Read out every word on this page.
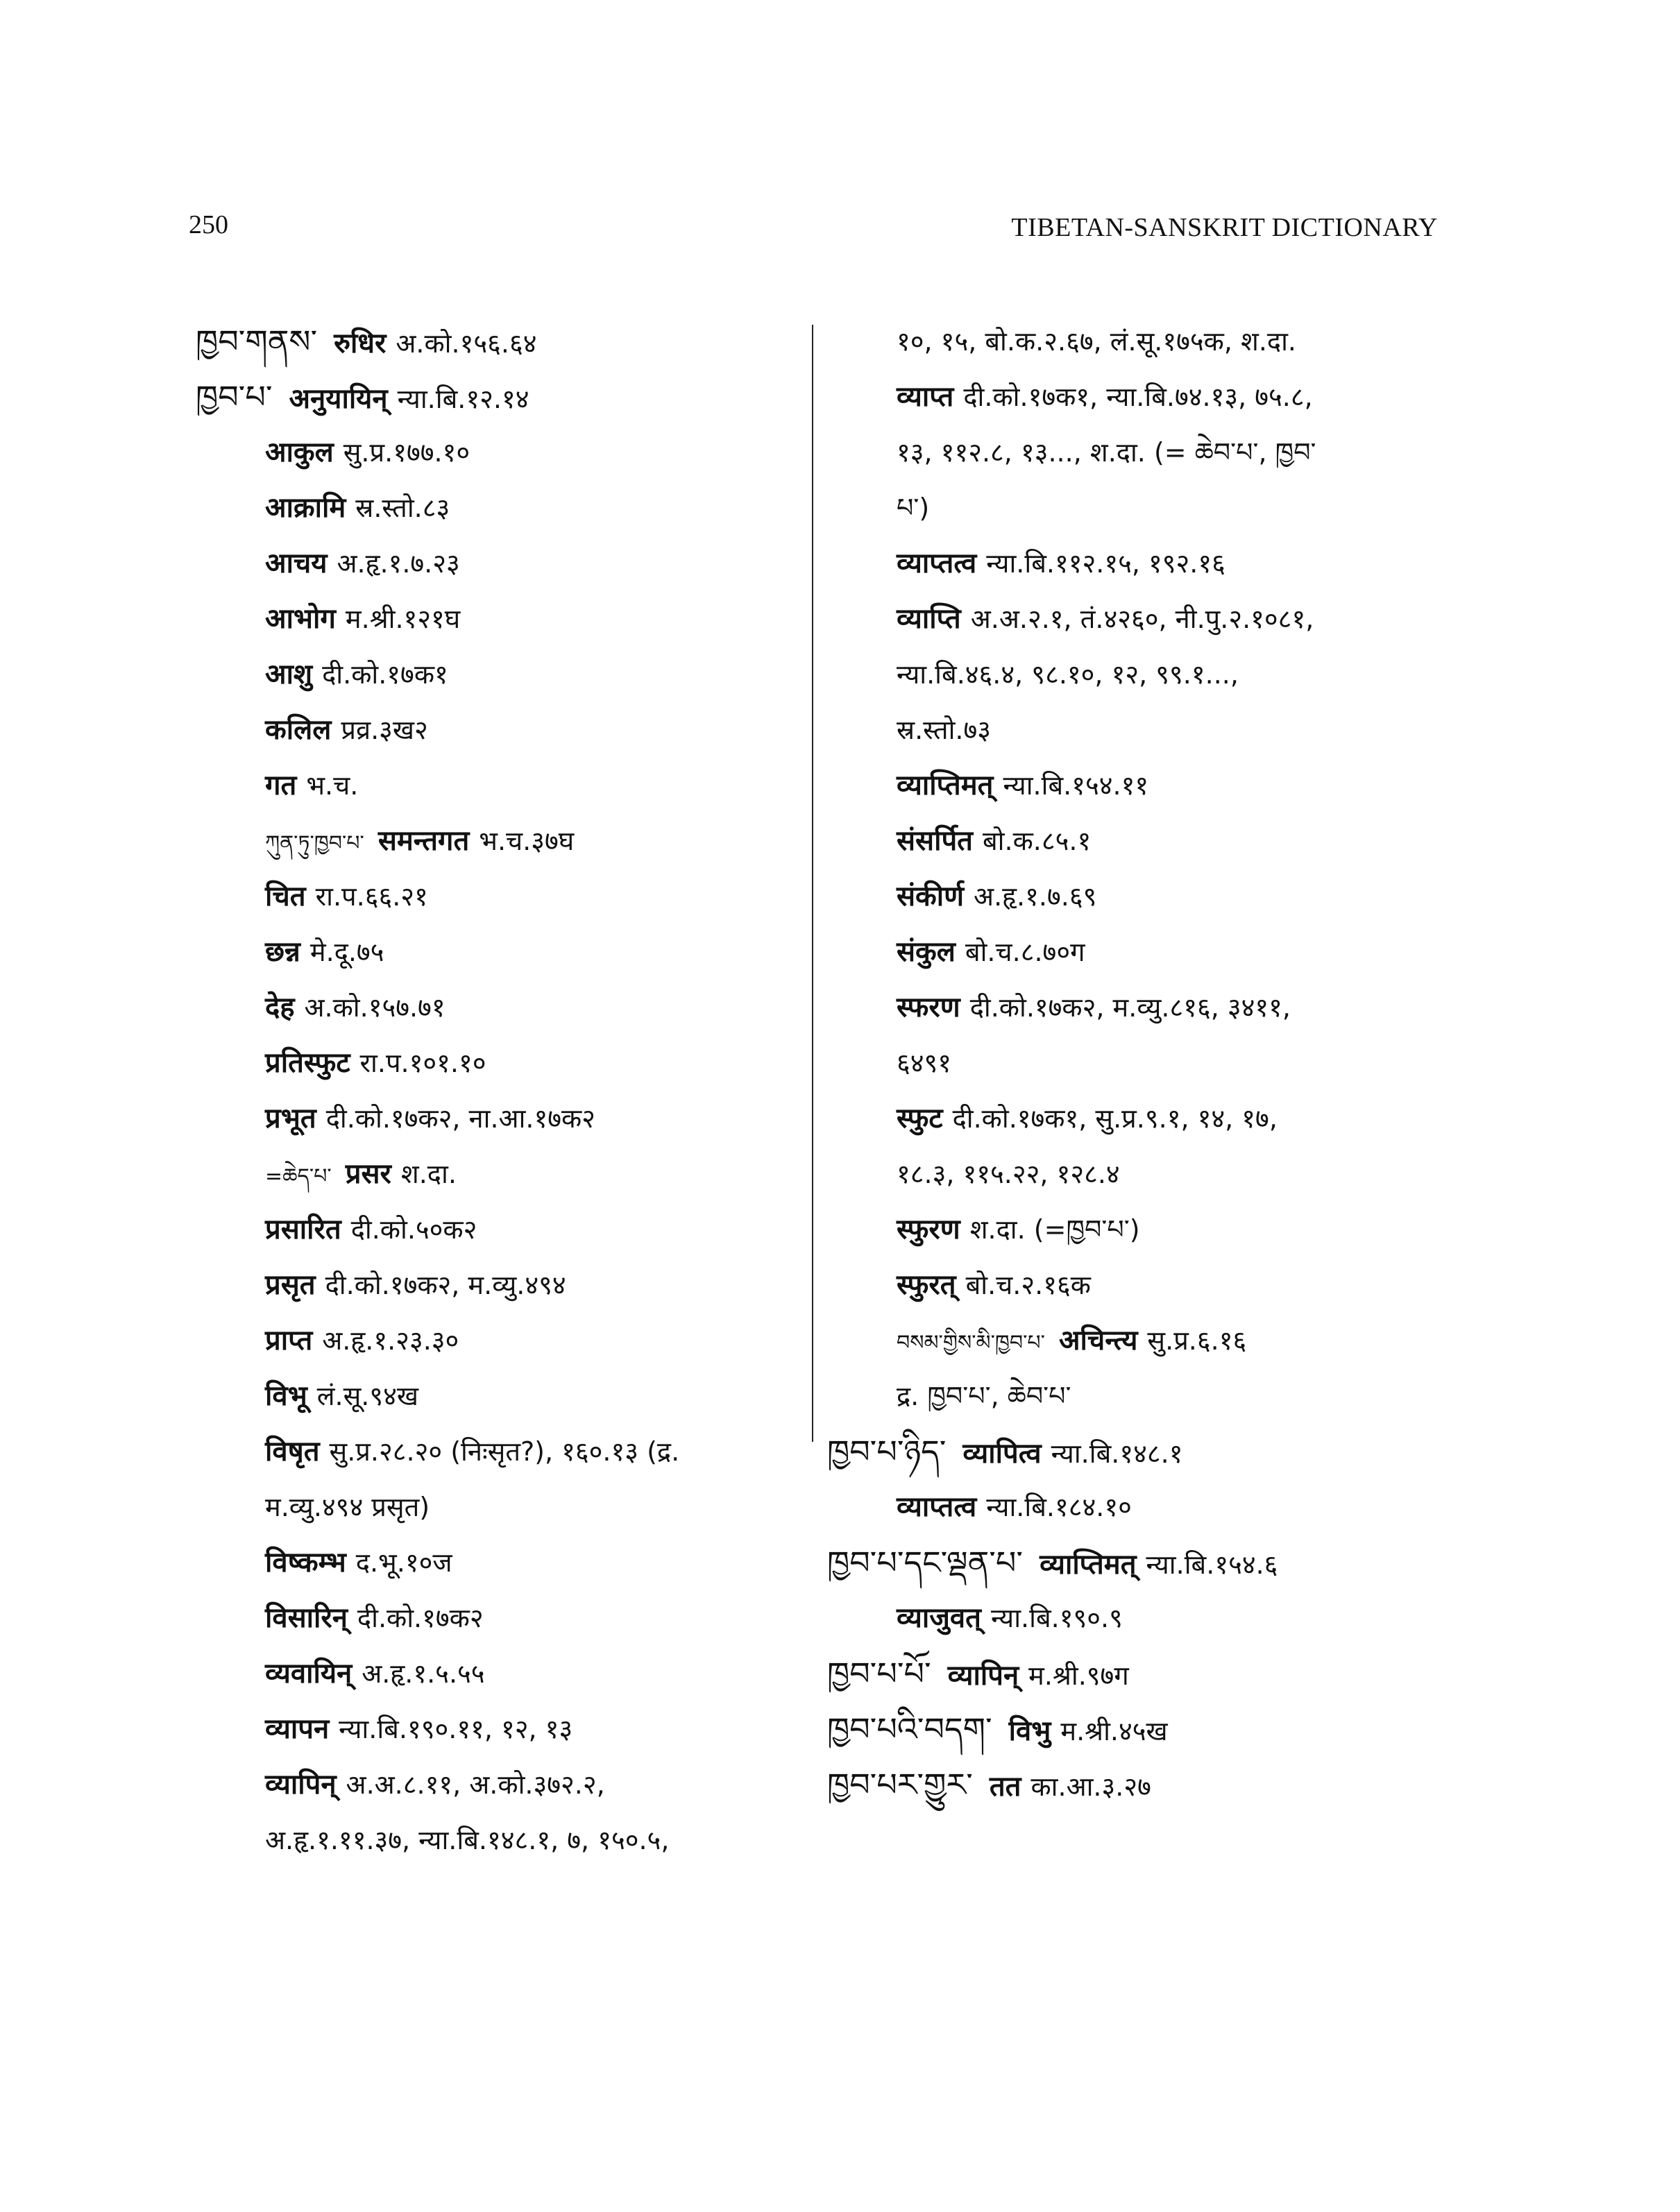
250	TIBETAN-SANSKRIT DICTIONARY
ཁྱབ་གནས་ रुधिर अ.को.१५६.६४
ཁྱབ་པ་ अनुयायिन् न्या.बि.१२.१४
आकुल सु.प्र.१७७.१०
आक्रामि स्र.स्तो.८३
आचय अ.हृ.१.७.२३
आभोग म.श्री.१२१घ
आशु दी.को.१७क१
कलिल प्रव्र.३ख२
गत भ.च.
ཀུན་ཏུ་ཁྱབ་པ་ समन्तगत भ.च.३७घ
चित रा.प.६६.२१
छन्न मे.दू.७५
देह अ.को.१५७.७१
प्रतिस्फुट रा.प.१०१.१०
प्रभूत दी.को.१७क२, ना.आ.१७क२
=ཆེད་པ་ प्रसर श.दा.
प्रसारित दी.को.५०क२
प्रसृत दी.को.१७क२, म.व्यु.४९४
प्राप्त अ.हृ.१.२३.३०
विभू लं.सू.९४ख
विषृत सु.प्र.२८.२० (निःसृत?), १६०.१३ (द्र.
म.व्यु.४९४ प्रसृत)
विष्कम्भ द.भू.१०ज
विसारिन् दी.को.१७क२
व्यवायिन् अ.हृ.१.५.५५
व्यापन न्या.बि.१९०.११, १२, १३
व्यापिन् अ.अ.८.११, अ.को.३७२.२,
अ.हृ.१.११.३७, न्या.बि.१४८.१, ७, १५०.५,
१०, १५, बो.क.२.६७, लं.सू.१७५क, श.दा.
व्याप्त दी.को.१७क१, न्या.बि.७४.१३, ७५.८,
१३, ११२.८, १३..., श.दा. (= ཆེབ་པ་, ཁྱབ་
པ་)
व्याप्तत्व न्या.बि.११२.१५, १९२.१६
व्याप्ति अ.अ.२.१, तं.४२६०, नी.पु.२.१०८१,
न्या.बि.४६.४, ९८.१०, १२, ९९.१...,
स्र.स्तो.७३
व्याप्तिमत् न्या.बि.१५४.११
संसर्पित बो.क.८५.१
संकीर्ण अ.हृ.१.७.६९
संकुल बो.च.८.७०ग
स्फरण दी.को.१७क२, म.व्यु.८१६, ३४११,
६४९१
स्फुट दी.को.१७क१, सु.प्र.९.१, १४, १७,
१८.३, ११५.२२, १२८.४
स्फुरण श.दा. (=ཁྱབ་པ་)
स्फुरत् बो.च.२.१६क
བསམ་གྱིས་མི་ཁྱབ་པ་ अचिन्त्य सु.प्र.६.१६
द्र. ཁྱབ་པ་, ཆེབ་པ་
ཁྱབ་པ་ཉིད་ व्यापित्व न्या.बि.१४८.१
व्याप्तत्व न्या.बि.१८४.१०
ཁྱབ་པ་དང་ལྡན་པ་ व्याप्तिमत् न्या.बि.१५४.६
व्याजुवत् न्या.बि.१९०.९
ཁྱབ་པ་པོ་ व्यापिन् म.श्री.९७ग
ཁྱབ་པའི་བདག་ विभु म.श्री.४५ख
ཁྱབ་པར་གྱུར་ तत का.आ.३.२७
